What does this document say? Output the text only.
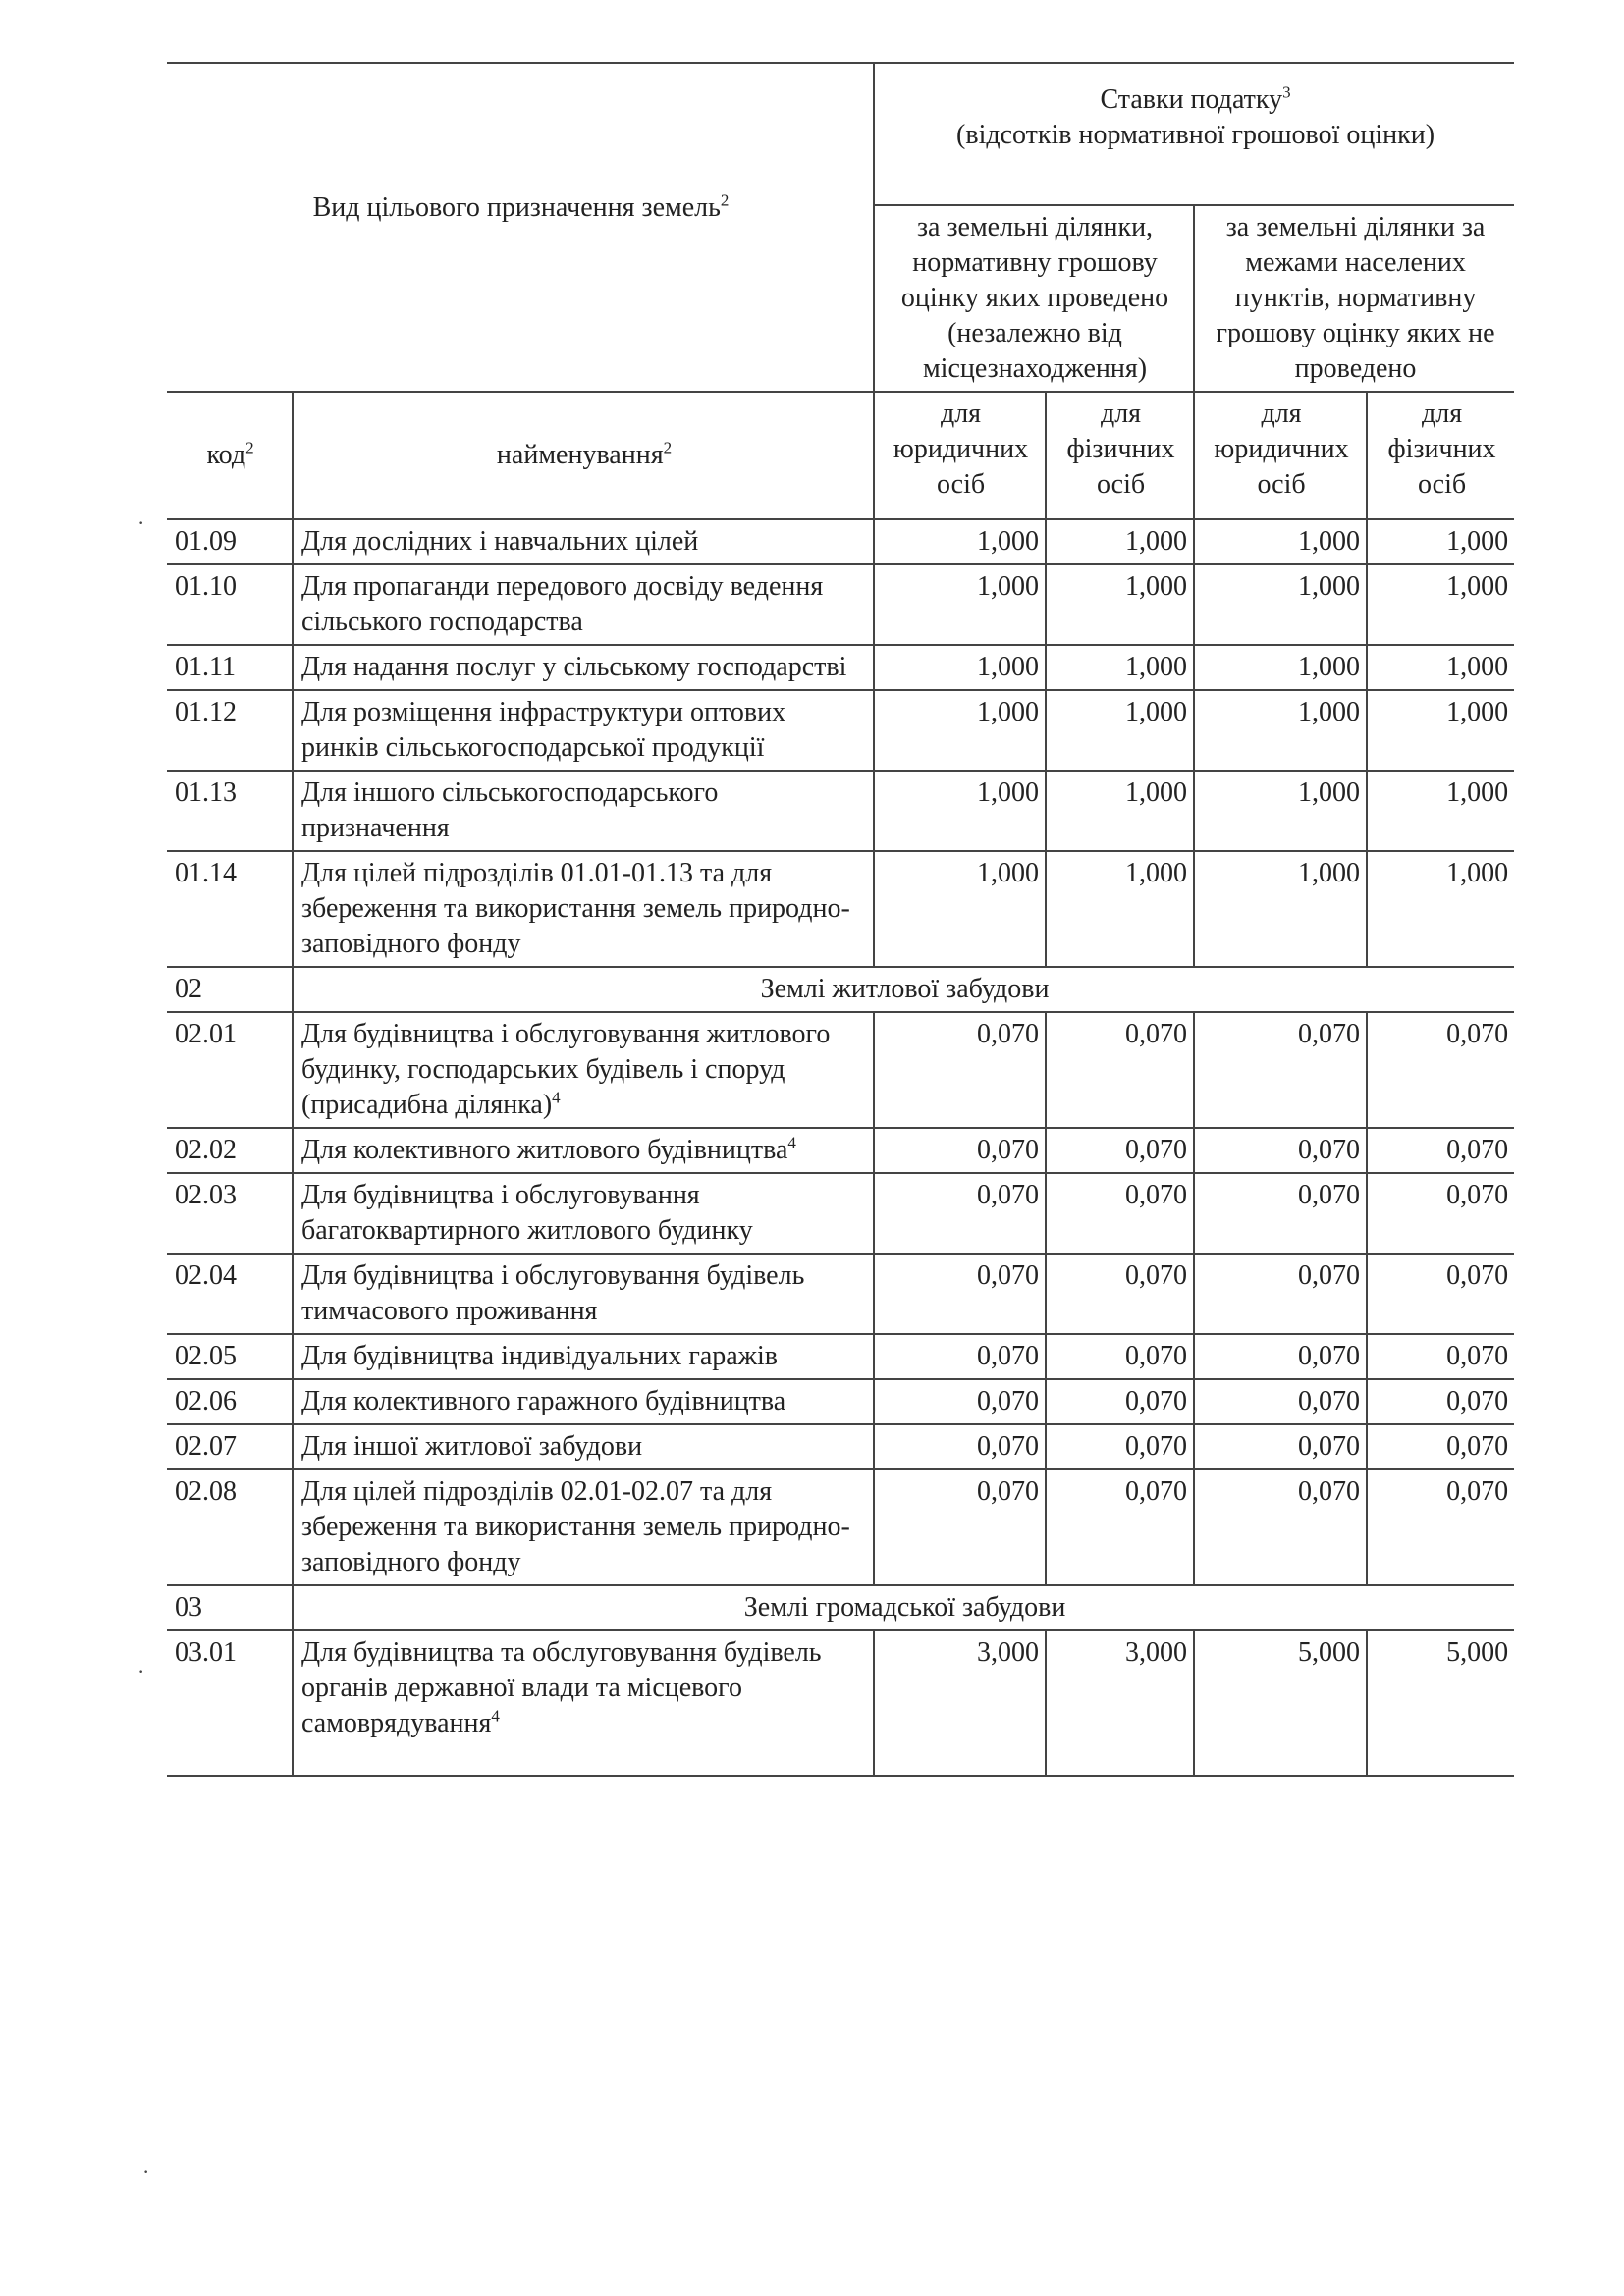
Вид цільового призначення земель$^2$		Ставки податку$^3$
(відсотків нормативної грошової оцінки)			
		за земельні ділянки, нормативну грошову оцінку яких проведено (незалежно від місцезнаходження)		за земельні ділянки за межами населених пунктів, нормативну грошову оцінку яких не проведено	
код$^2$	найменування$^2$	для юридичних осіб	для фізичних осіб	для юридичних осіб	для фізичних осіб
01.09	Для дослідних і навчальних цілей	1,000	1,000	1,000	1,000
01.10	Для пропаганди передового досвіду ведення сільського господарства	1,000	1,000	1,000	1,000
01.11	Для надання послуг у сільському господарстві	1,000	1,000	1,000	1,000
01.12	Для розміщення інфраструктури оптових ринків сільськогосподарської продукції	1,000	1,000	1,000	1,000
01.13	Для іншого сільськогосподарського призначення	1,000	1,000	1,000	1,000
01.14	Для цілей підрозділів 01.01-01.13 та для збереження та використання земель природно-заповідного фонду	1,000	1,000	1,000	1,000
02	Землі житлової забудови				
02.01	Для будівництва і обслуговування житлового будинку, господарських будівель і споруд (присадибна ділянка)$^4$	0,070	0,070	0,070	0,070
02.02	Для колективного житлового будівництва$^4$	0,070	0,070	0,070	0,070
02.03	Для будівництва і обслуговування багатоквартирного житлового будинку	0,070	0,070	0,070	0,070
02.04	Для будівництва і обслуговування будівель тимчасового проживання	0,070	0,070	0,070	0,070
02.05	Для будівництва індивідуальних гаражів	0,070	0,070	0,070	0,070
02.06	Для колективного гаражного будівництва	0,070	0,070	0,070	0,070
02.07	Для іншої житлової забудови	0,070	0,070	0,070	0,070
02.08	Для цілей підрозділів 02.01-02.07 та для збереження та використання земель природно-заповідного фонду	0,070	0,070	0,070	0,070
03	Землі громадської забудови				
03.01	Для будівництва та обслуговування будівель органів державної влади та місцевого самоврядування$^4$	3,000	3,000	5,000	5,000
·
·
·
